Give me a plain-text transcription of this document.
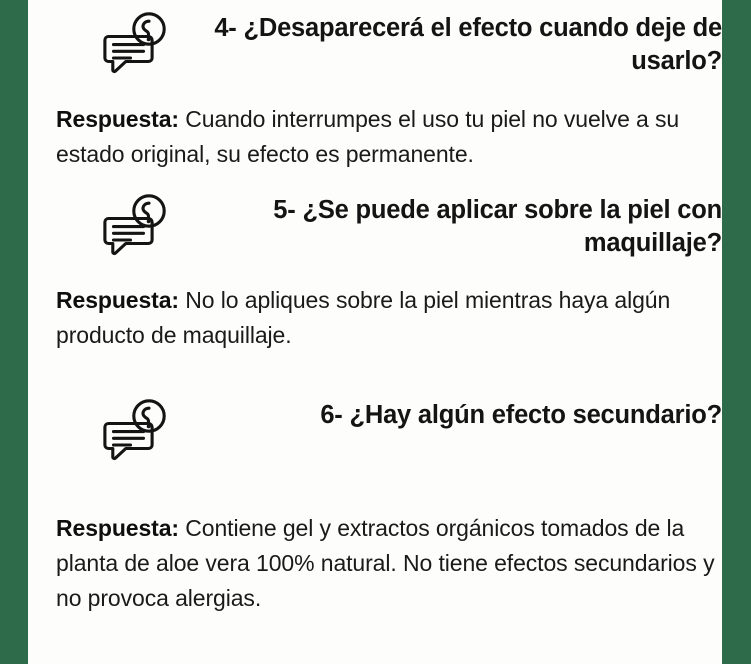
4- ¿Desaparecerá el efecto cuando deje de usarlo?
Respuesta: Cuando interrumpes el uso tu piel no vuelve a su estado original, su efecto es permanente.
5- ¿Se puede aplicar sobre la piel con maquillaje?
Respuesta: No lo apliques sobre la piel mientras haya algún producto de maquillaje.
6- ¿Hay algún efecto secundario?
Respuesta: Contiene gel y extractos orgánicos tomados de la planta de aloe vera 100% natural. No tiene efectos secundarios y no provoca alergias.
